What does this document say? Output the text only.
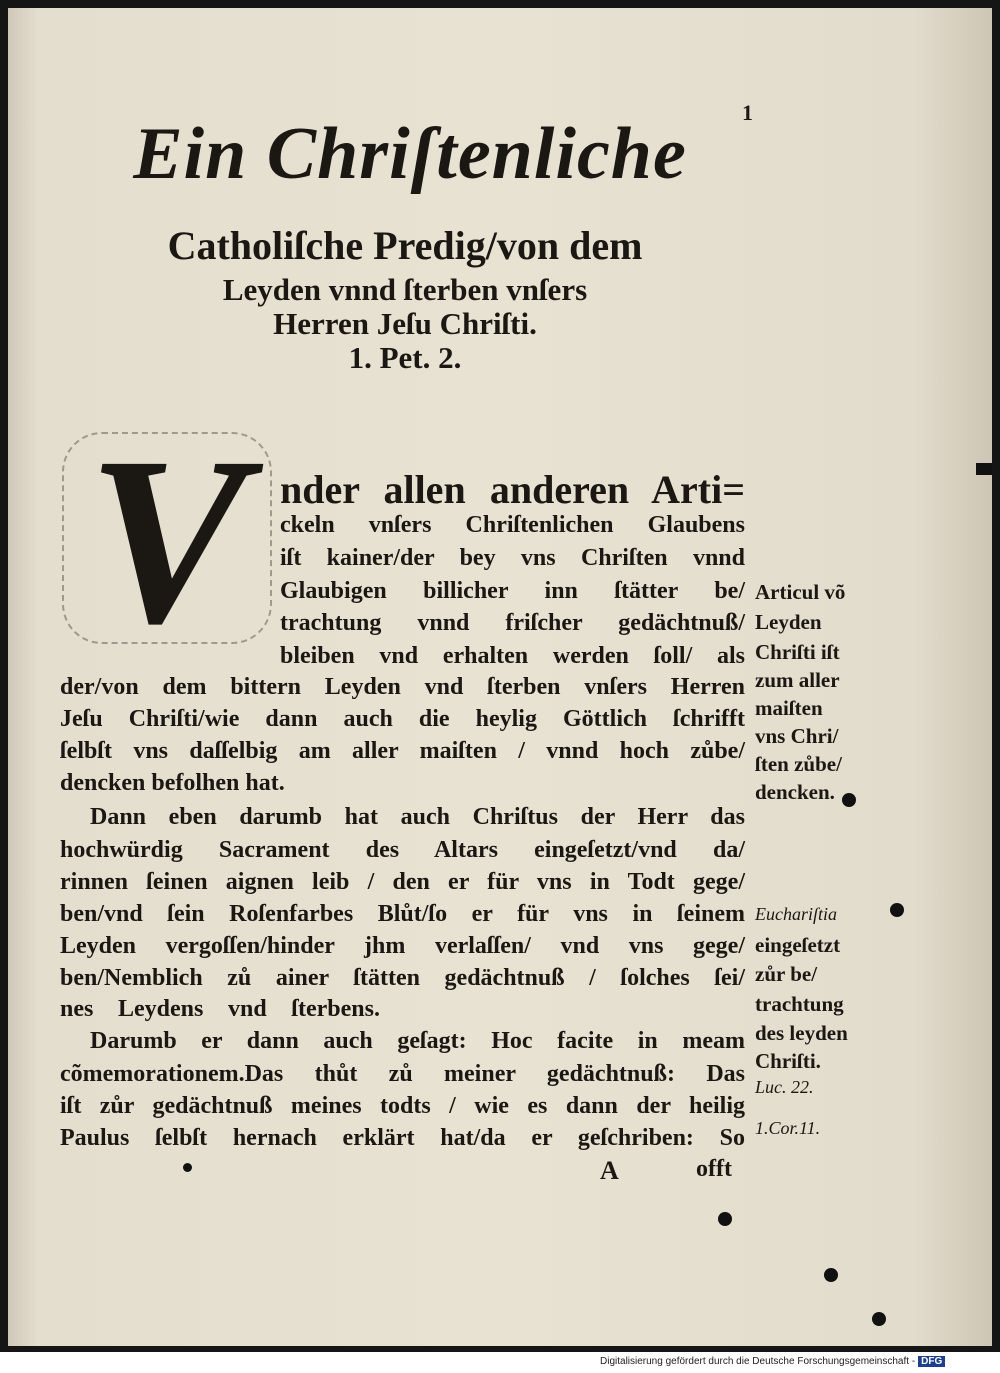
1
Ein Chriſtenliche
Catholiſche Predig/von dem
Leyden vnnd ſterben vnſers
Herren Jeſu Chriſti.
1. Pet. 2.
V nder allen anderen Arti=
ckeln vnſers Chriſtenlichen Glaubens
iſt kainer/der bey vns Chriſten vnnd
Glaubigen billicher inn ſtätter be/
trachtung vnnd friſcher gedächtnuß/
bleiben vnd erhalten werden ſoll/ als
der/von dem bittern Leyden vnd ſterben vnſers Herren
Jeſu Chriſti/wie dann auch die heylig Göttlich ſchrifft
ſelbſt vns daſſelbig am aller maiſten / vnnd hoch zůbe/
dencken befolhen hat.
Dann eben darumb hat auch Chriſtus der Herr das
hochwürdig Sacrament des Altars eingeſetzt/vnd da/
rinnen ſeinen aignen leib / den er für vns in Todt gege/
ben/vnd ſein Roſenfarbes Blůt/ſo er für vns in ſeinem
Leyden vergoſſen/hinder jhm verlaſſen/ vnd vns gege/
ben/Nemblich zů ainer ſtätten gedächtnuß / ſolches ſei/
nes Leydens vnd ſterbens.
Darumb er dann auch geſagt: Hoc facite in meam
cõmemorationem.Das thůt zů meiner gedächtnuß: Das
iſt zůr gedächtnuß meines todts / wie es dann der heilig
Paulus ſelbſt hernach erklärt hat/da er geſchriben: So
Articul võ
Leyden
Chriſti iſt
zum aller
maiſten
vns Chri/
ſten zůbe/
dencken.
Euchariſtia
eingeſetzt
zůr be/
trachtung
des leyden
Chriſti.
Luc. 22.
1.Cor.11.
A	offt
Digitalisierung gefördert durch die Deutsche Forschungsgemeinschaft - DFG
